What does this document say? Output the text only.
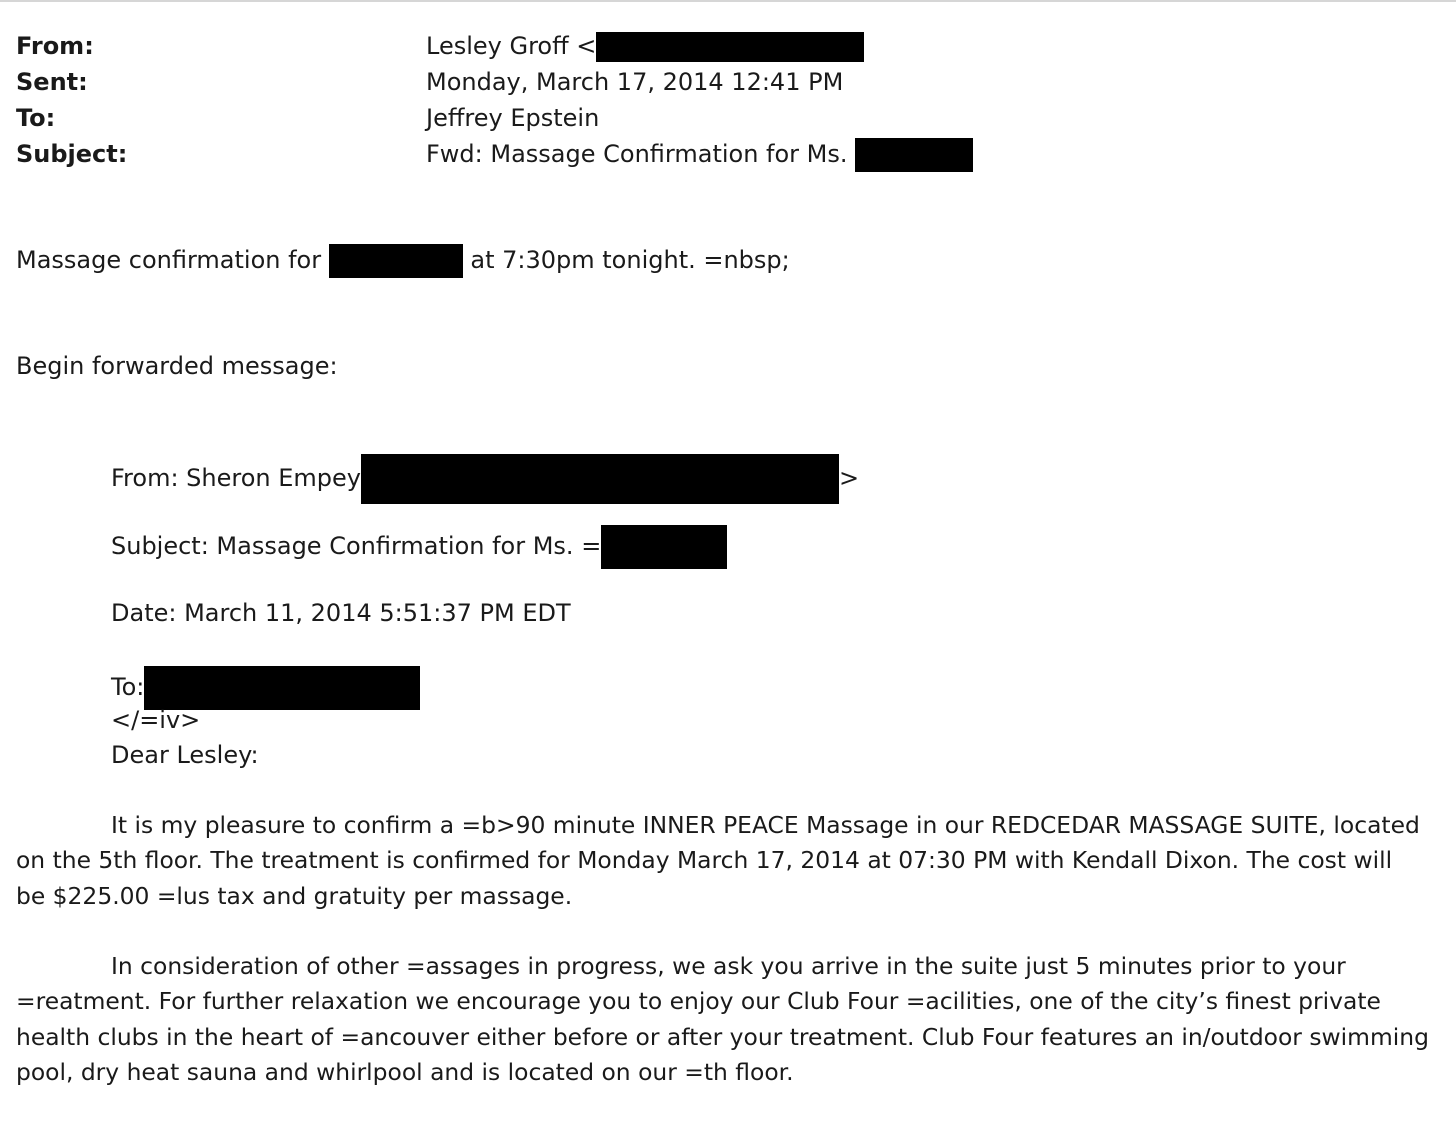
From:	Lesley Groff <
Sent:	Monday, March 17, 2014 12:41 PM
To:	Jeffrey Epstein
Subject:	Fwd: Massage Confirmation for Ms.
Massage confirmation for	at 7:30pm tonight. =nbsp;
Begin forwarded message:
From: Sheron Empey	>
Subject: Massage Confirmation for Ms. =
Date: March 11, 2014 5:51:37 PM EDT
To:
</=iv>
Dear Lesley:
It is my pleasure to confirm a =b>90 minute INNER PEACE Massage in our REDCEDAR MASSAGE SUITE, located
on the 5th floor. The treatment is confirmed for Monday March 17, 2014 at 07:30 PM with Kendall Dixon. The cost will
be $225.00 =lus tax and gratuity per massage.
In consideration of other =assages in progress, we ask you arrive in the suite just 5 minutes prior to your
=reatment. For further relaxation we encourage you to enjoy our Club Four =acilities, one of the city’s finest private
health clubs in the heart of =ancouver either before or after your treatment. Club Four features an in/outdoor swimming
pool, dry heat sauna and whirlpool and is located on our =th floor.
